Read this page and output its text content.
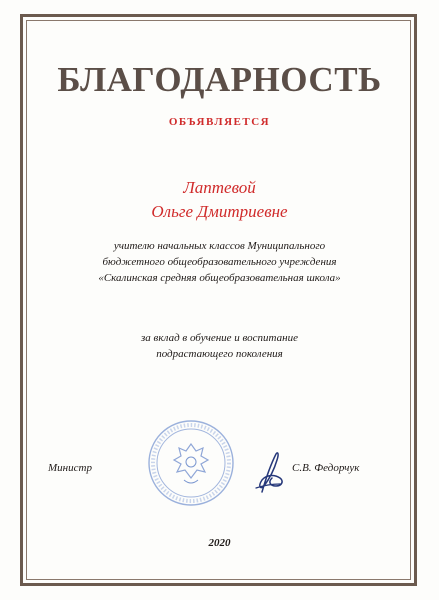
БЛАГОДАРНОСТЬ
ОБЪЯВЛЯЕТСЯ
Лаптевой
Ольге Дмитриевне
учителю начальных классов Муниципального
бюджетного общеобразовательного учреждения
«Скалинская средняя общеобразовательная школа»
за вклад в обучение и воспитание
подрастающего поколения
Министр	С.В. Федорчук
2020
